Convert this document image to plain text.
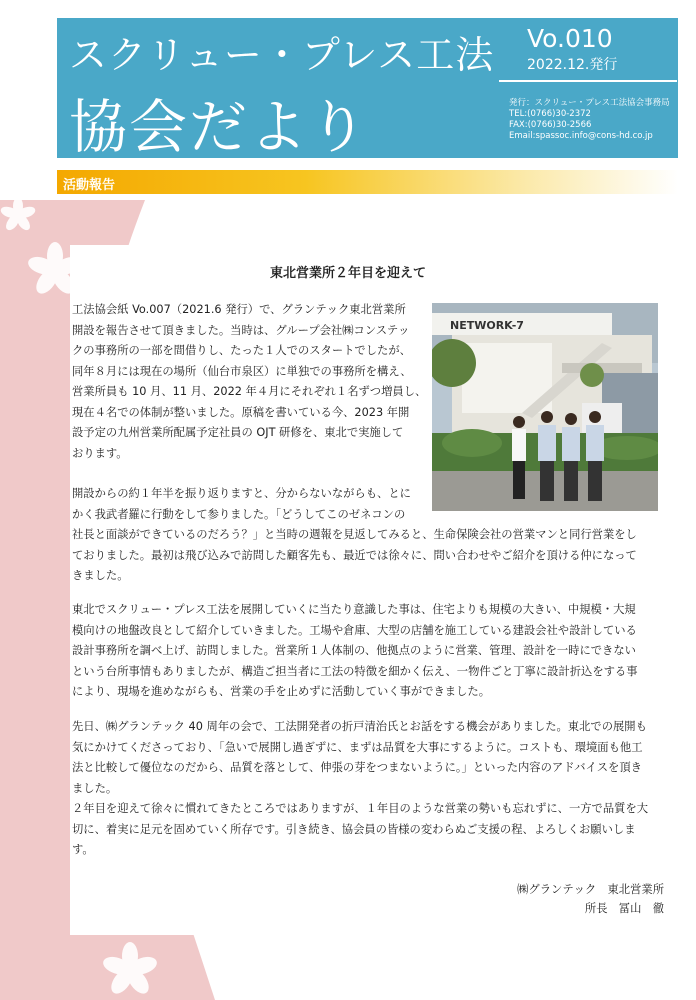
スクリュー・プレス工法
協会だより
Vo.010
2022.12.発行
発行：スクリュー・プレス工法協会事務局
TEL:(0766)30-2372
FAX:(0766)30-2566
Email:spassoc.info@cons-hd.co.jp
活動報告
東北営業所２年目を迎えて
NETWORK-7
工法協会紙 Vo.007（2021.6 発行）で、グランテック東北営業所
開設を報告させて頂きました。当時は、グループ会社㈱コンステッ
クの事務所の一部を間借りし、たった１人でのスタートでしたが、
同年８月には現在の場所（仙台市泉区）に単独での事務所を構え、
営業所員も 10 月、11 月、2022 年４月にそれぞれ１名ずつ増員し、
現在４名での体制が整いました。原稿を書いている今、2023 年開
設予定の九州営業所配属予定社員の OJT 研修を、東北で実施して
おります。
開設からの約１年半を振り返りますと、分からないながらも、とに
かく我武者羅に行動をして参りました。「どうしてこのゼネコンの
社長と面談ができているのだろう？」と当時の週報を見返してみると、生命保険会社の営業マンと同行営業をし
ておりました。最初は飛び込みで訪問した顧客先も、最近では徐々に、問い合わせやご紹介を頂ける仲になって
きました。
東北でスクリュー・プレス工法を展開していくに当たり意識した事は、住宅よりも規模の大きい、中規模・大規
模向けの地盤改良として紹介していきました。工場や倉庫、大型の店舗を施工している建設会社や設計している
設計事務所を調べ上げ、訪問しました。営業所１人体制の、他拠点のように営業、管理、設計を一時にできない
という台所事情もありましたが、構造ご担当者に工法の特徴を細かく伝え、一物件ごと丁寧に設計折込をする事
により、現場を進めながらも、営業の手を止めずに活動していく事ができました。
先日、㈱グランテック 40 周年の会で、工法開発者の折戸清治氏とお話をする機会がありました。東北での展開も
気にかけてくださっており、「急いで展開し過ぎずに、まずは品質を大事にするように。コストも、環境面も他工
法と比較して優位なのだから、品質を落として、伸張の芽をつまないように。」といった内容のアドバイスを頂き
ました。
２年目を迎えて徐々に慣れてきたところではありますが、１年目のような営業の勢いも忘れずに、一方で品質を大
切に、着実に足元を固めていく所存です。引き続き、協会員の皆様の変わらぬご支援の程、よろしくお願いしま
す。
㈱グランテック　東北営業所
所長　冨山　徹
